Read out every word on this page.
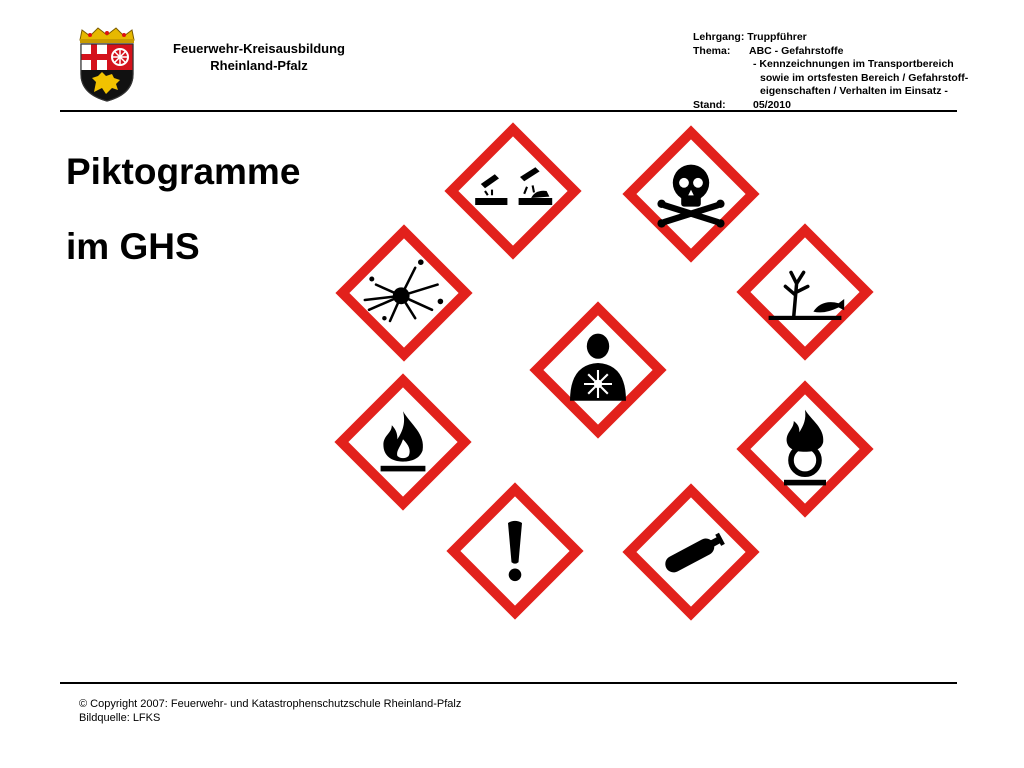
Feuerwehr-Kreisausbildung
Rheinland-Pfalz
Lehrgang:
Truppführer
Thema:	ABC - Gefahrstoffe
- Kennzeichnungen im Transportbereich
sowie im ortsfesten Bereich / Gefahrstoff-
eigenschaften / Verhalten im Einsatz -
Stand:	05/2010
Piktogramme
im GHS
© Copyright 2007: Feuerwehr- und Katastrophenschutzschule Rheinland-Pfalz
Bildquelle: LFKS
